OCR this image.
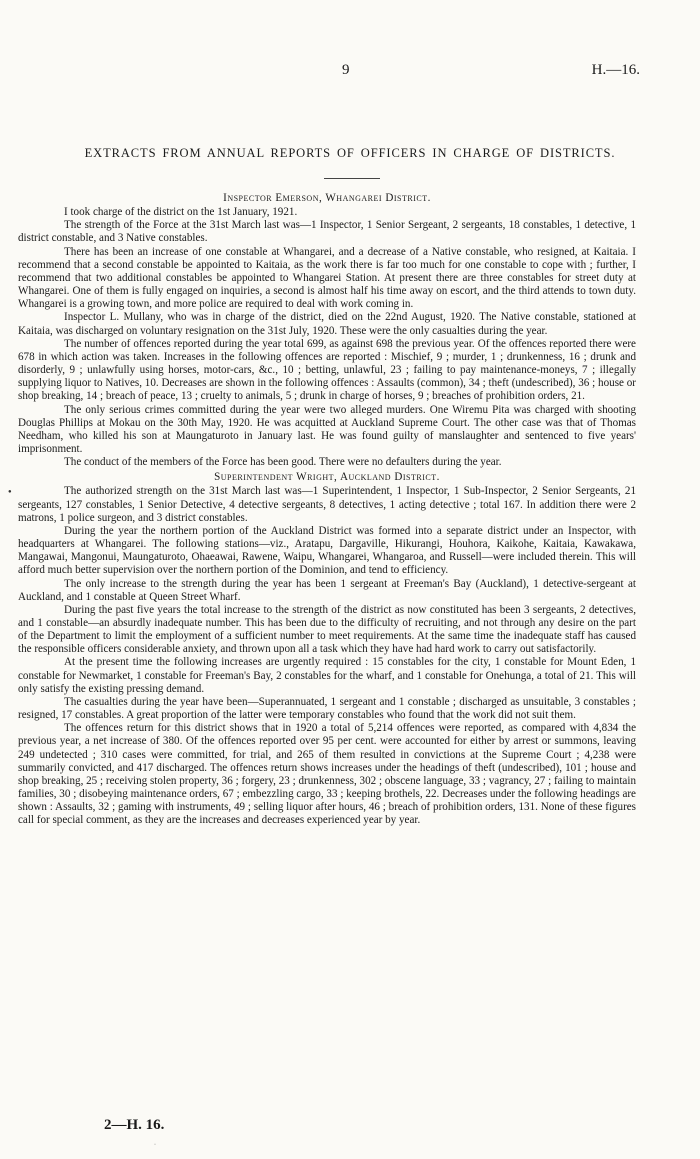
9	H.—16.
EXTRACTS FROM ANNUAL REPORTS OF OFFICERS IN CHARGE OF DISTRICTS.
Inspector Emerson, Whangarei District.

I took charge of the district on the 1st January, 1921.

The strength of the Force at the 31st March last was—1 Inspector, 1 Senior Sergeant, 2 sergeants, 18 constables, 1 detective, 1 district constable, and 3 Native constables.

There has been an increase of one constable at Whangarei, and a decrease of a Native constable, who resigned, at Kaitaia. I recommend that a second constable be appointed to Kaitaia, as the work there is far too much for one constable to cope with ; further, I recommend that two additional constables be appointed to Whangarei Station. At present there are three constables for street duty at Whangarei. One of them is fully engaged on inquiries, a second is almost half his time away on escort, and the third attends to town duty. Whangarei is a growing town, and more police are required to deal with work coming in.

Inspector L. Mullany, who was in charge of the district, died on the 22nd August, 1920. The Native constable, stationed at Kaitaia, was discharged on voluntary resignation on the 31st July, 1920. These were the only casualties during the year.

The number of offences reported during the year total 699, as against 698 the previous year. Of the offences reported there were 678 in which action was taken. Increases in the following offences are reported : Mischief, 9 ; murder, 1 ; drunkenness, 16 ; drunk and disorderly, 9 ; unlawfully using horses, motor-cars, &c., 10 ; betting, unlawful, 23 ; failing to pay maintenance-moneys, 7 ; illegally supplying liquor to Natives, 10. Decreases are shown in the following offences : Assaults (common), 34 ; theft (undescribed), 36 ; house or shop breaking, 14 ; breach of peace, 13 ; cruelty to animals, 5 ; drunk in charge of horses, 9 ; breaches of prohibition orders, 21.

The only serious crimes committed during the year were two alleged murders. One Wiremu Pita was charged with shooting Douglas Phillips at Mokau on the 30th May, 1920. He was acquitted at Auckland Supreme Court. The other case was that of Thomas Needham, who killed his son at Maungaturoto in January last. He was found guilty of manslaughter and sentenced to five years' imprisonment.

The conduct of the members of the Force has been good. There were no defaulters during the year.

Superintendent Wright, Auckland District.

The authorized strength on the 31st March last was—1 Superintendent, 1 Inspector, 1 Sub-Inspector, 2 Senior Sergeants, 21 sergeants, 127 constables, 1 Senior Detective, 4 detective sergeants, 8 detectives, 1 acting detective ; total 167. In addition there were 2 matrons, 1 police surgeon, and 3 district constables.

During the year the northern portion of the Auckland District was formed into a separate district under an Inspector, with headquarters at Whangarei. The following stations—viz., Aratapu, Dargaville, Hikurangi, Houhora, Kaikohe, Kaitaia, Kawakawa, Mangawai, Mangonui, Maungaturoto, Ohaeawai, Rawene, Waipu, Whangarei, Whangaroa, and Russell—were included therein. This will afford much better supervision over the northern portion of the Dominion, and tend to efficiency.

The only increase to the strength during the year has been 1 sergeant at Freeman's Bay (Auckland), 1 detective-sergeant at Auckland, and 1 constable at Queen Street Wharf.

During the past five years the total increase to the strength of the district as now constituted has been 3 sergeants, 2 detectives, and 1 constable—an absurdly inadequate number. This has been due to the difficulty of recruiting, and not through any desire on the part of the Department to limit the employment of a sufficient number to meet requirements. At the same time the inadequate staff has caused the responsible officers considerable anxiety, and thrown upon all a task which they have had hard work to carry out satisfactorily.

At the present time the following increases are urgently required : 15 constables for the city, 1 constable for Mount Eden, 1 constable for Newmarket, 1 constable for Freeman's Bay, 2 constables for the wharf, and 1 constable for Onehunga, a total of 21. This will only satisfy the existing pressing demand.

The casualties during the year have been—Superannuated, 1 sergeant and 1 constable ; discharged as unsuitable, 3 constables ; resigned, 17 constables. A great proportion of the latter were temporary constables who found that the work did not suit them.

The offences return for this district shows that in 1920 a total of 5,214 offences were reported, as compared with 4,834 the previous year, a net increase of 380. Of the offences reported over 95 per cent. were accounted for either by arrest or summons, leaving 249 undetected ; 310 cases were committed, for trial, and 265 of them resulted in convictions at the Supreme Court ; 4,238 were summarily convicted, and 417 discharged. The offences return shows increases under the headings of theft (undescribed), 101 ; house and shop breaking, 25 ; receiving stolen property, 36 ; forgery, 23 ; drunkenness, 302 ; obscene language, 33 ; vagrancy, 27 ; failing to maintain families, 30 ; disobeying maintenance orders, 67 ; embezzling cargo, 33 ; keeping brothels, 22. Decreases under the following headings are shown : Assaults, 32 ; gaming with instruments, 49 ; selling liquor after hours, 46 ; breach of prohibition orders, 131. None of these figures call for special comment, as they are the increases and decreases experienced year by year.

2—H. 16.
●
·
